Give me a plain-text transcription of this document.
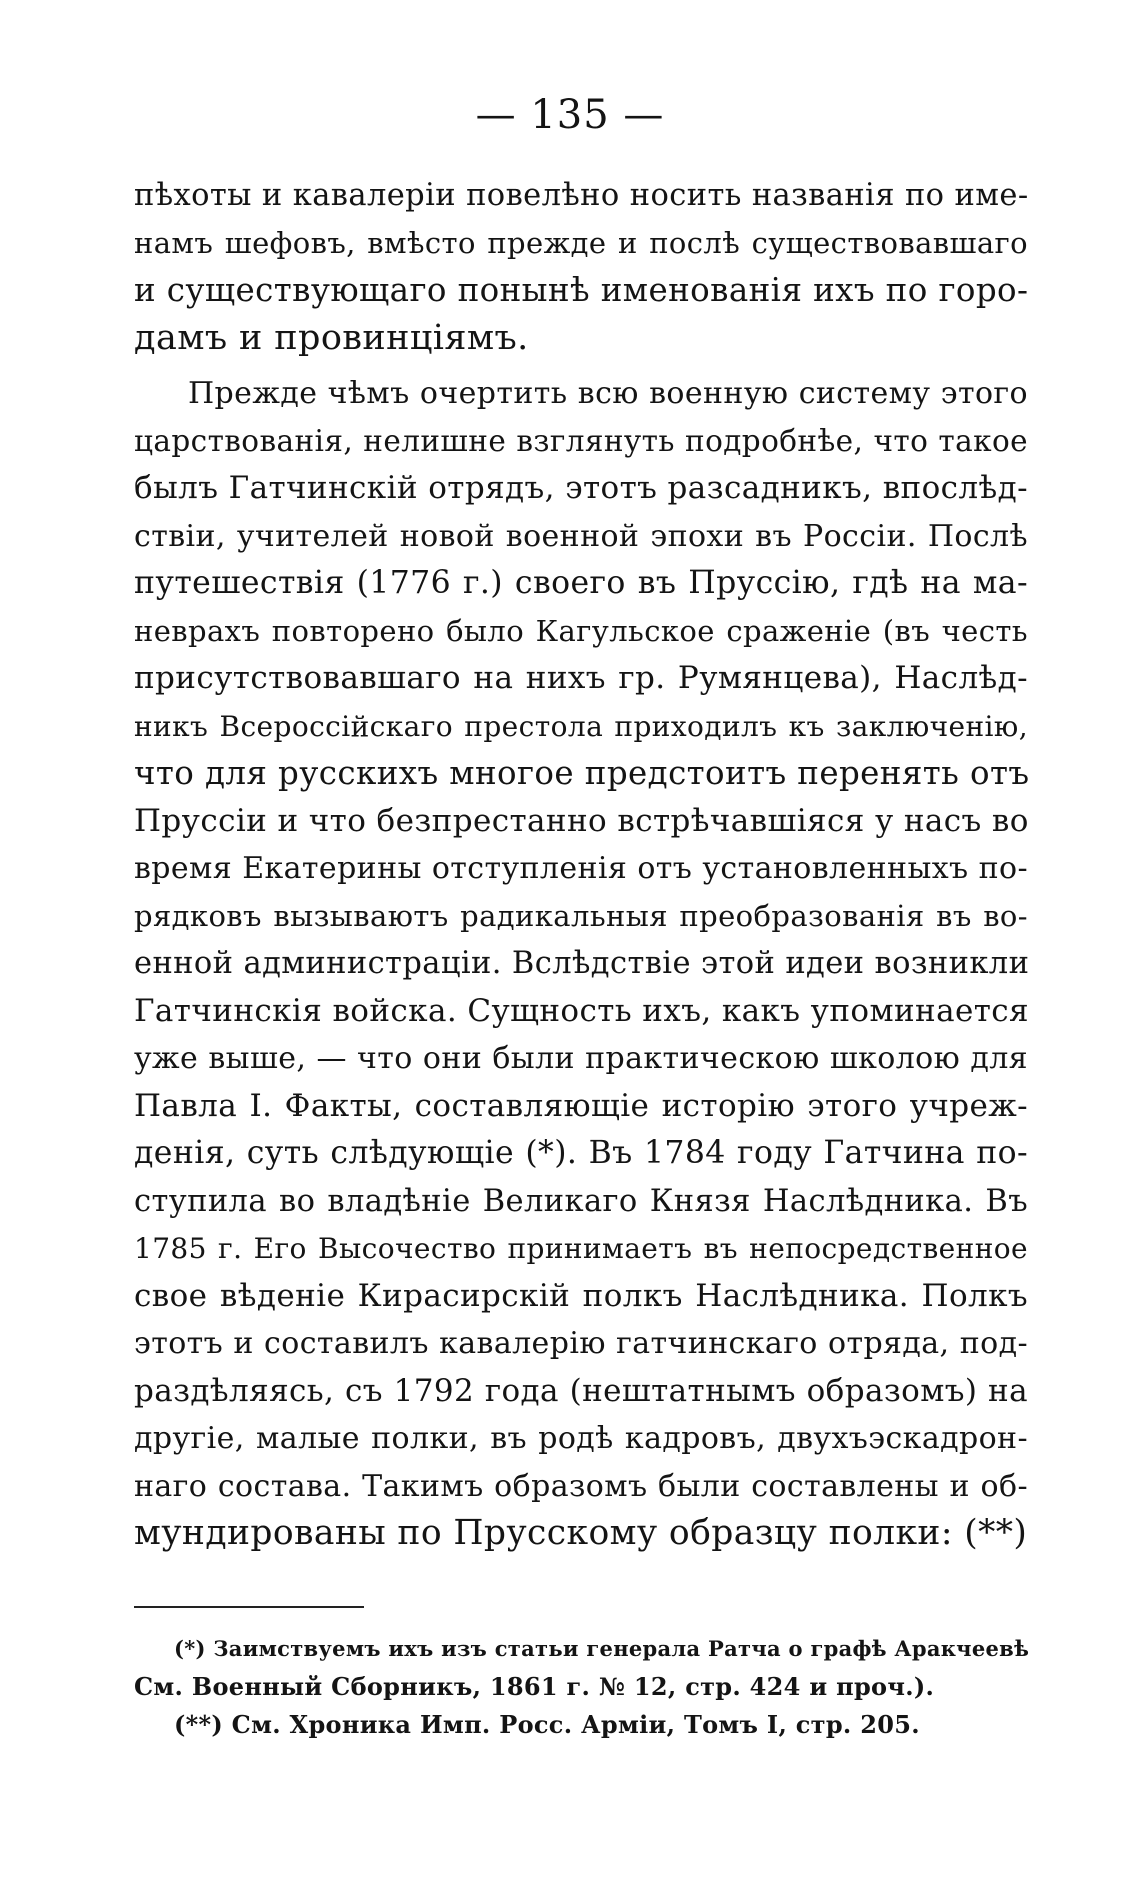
— 135 —
пѣхоты и кавалеріи повелѣно носить названія по име-
намъ шефовъ, вмѣсто прежде и послѣ существовавшаго
и существующаго понынѣ именованія ихъ по горо-
дамъ и провинціямъ.
Прежде чѣмъ очертить всю военную систему этого
царствованія, нелишне взглянуть подробнѣе, что такое
былъ Гатчинскій отрядъ, этотъ разсадникъ, впослѣд-
ствіи, учителей новой военной эпохи въ Россіи. Послѣ
путешествія (1776 г.) своего въ Пруссію, гдѣ на ма-
неврахъ повторено было Кагульское сраженіе (въ честь
присутствовавшаго на нихъ гр. Румянцева), Наслѣд-
никъ Всероссійскаго престола приходилъ къ заключенію,
что для русскихъ многое предстоитъ перенять отъ
Пруссіи и что безпрестанно встрѣчавшіяся у насъ во
время Екатерины отступленія отъ установленныхъ по-
рядковъ вызываютъ радикальныя преобразованія въ во-
енной администраціи. Вслѣдствіе этой идеи возникли
Гатчинскія войска. Сущность ихъ, какъ упоминается
уже выше, — что они были практическою школою для
Павла I. Факты, составляющіе исторію этого учреж-
денія, суть слѣдующіе (*). Въ 1784 году Гатчина по-
ступила во владѣніе Великаго Князя Наслѣдника. Въ
1785 г. Его Высочество принимаетъ въ непосредственное
свое вѣденіе Кирасирскій полкъ Наслѣдника. Полкъ
этотъ и составилъ кавалерію гатчинскаго отряда, под-
раздѣляясь, съ 1792 года (нештатнымъ образомъ) на
другіе, малые полки, въ родѣ кадровъ, двухъэскадрон-
наго состава. Такимъ образомъ были составлены и об-
мундированы по Прусскому образцу полки: (**)
(*) Заимствуемъ ихъ изъ статьи генерала Ратча о графѣ Аракчеевѣ
См. Военный Сборникъ, 1861 г. № 12, стр. 424 и проч.).
(**) См. Хроника Имп. Росс. Арміи, Томъ I, стр. 205.
